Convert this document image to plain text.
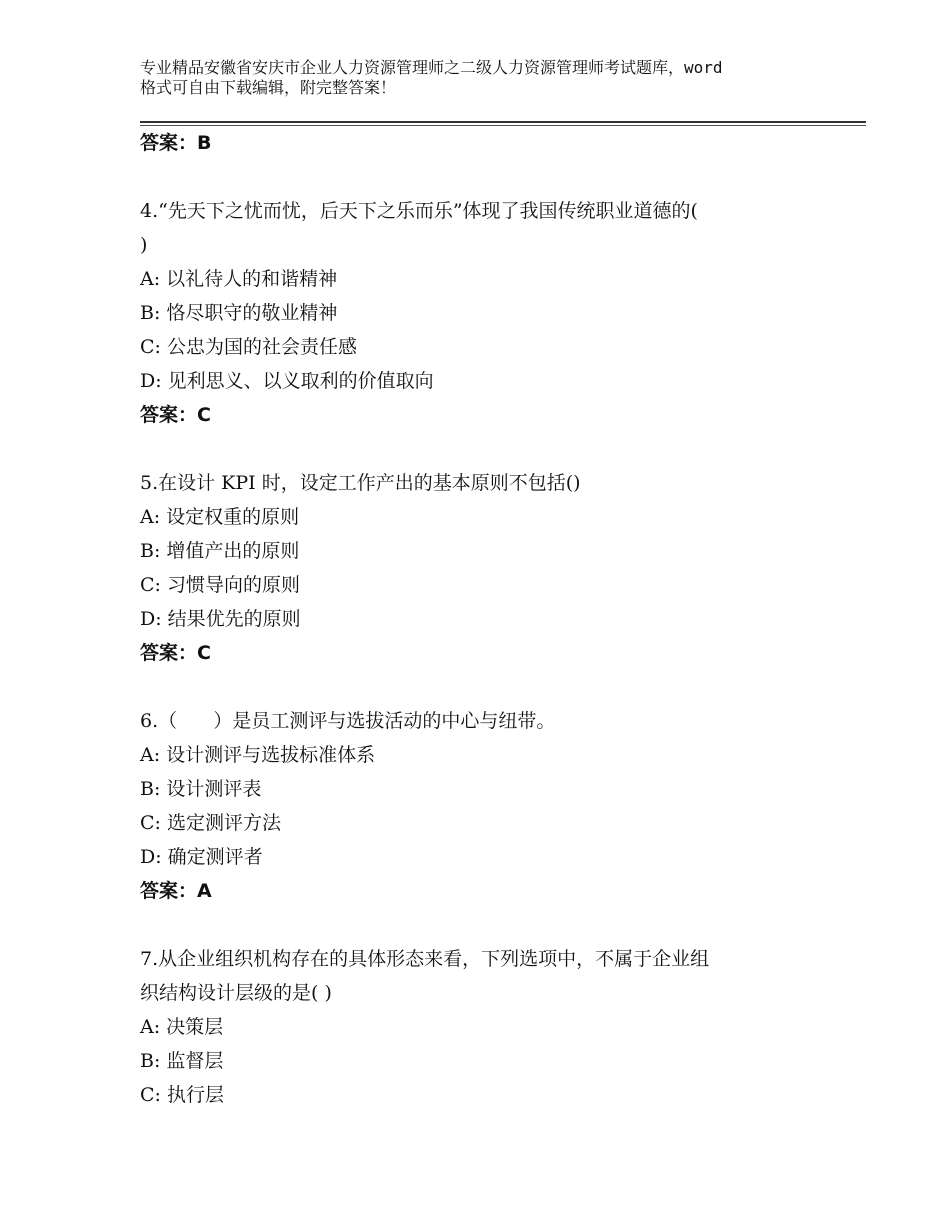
专业精品安徽省安庆市企业人力资源管理师之二级人力资源管理师考试题库，word
格式可自由下载编辑，附完整答案！
答案：B
4.“先天下之忧而忧，后天下之乐而乐”体现了我国传统职业道德的(
)
A: 以礼待人的和谐精神
B: 恪尽职守的敬业精神
C: 公忠为国的社会责任感
D: 见利思义、以义取利的价值取向
答案：C
5.在设计 KPI 时，设定工作产出的基本原则不包括()
A: 设定权重的原则
B: 增值产出的原则
C: 习惯导向的原则
D: 结果优先的原则
答案：C
6.（      ）是员工测评与选拔活动的中心与纽带。
A: 设计测评与选拔标准体系
B: 设计测评表
C: 选定测评方法
D: 确定测评者
答案：A
7.从企业组织机构存在的具体形态来看，下列选项中，不属于企业组
织结构设计层级的是( )
A: 决策层
B: 监督层
C: 执行层
